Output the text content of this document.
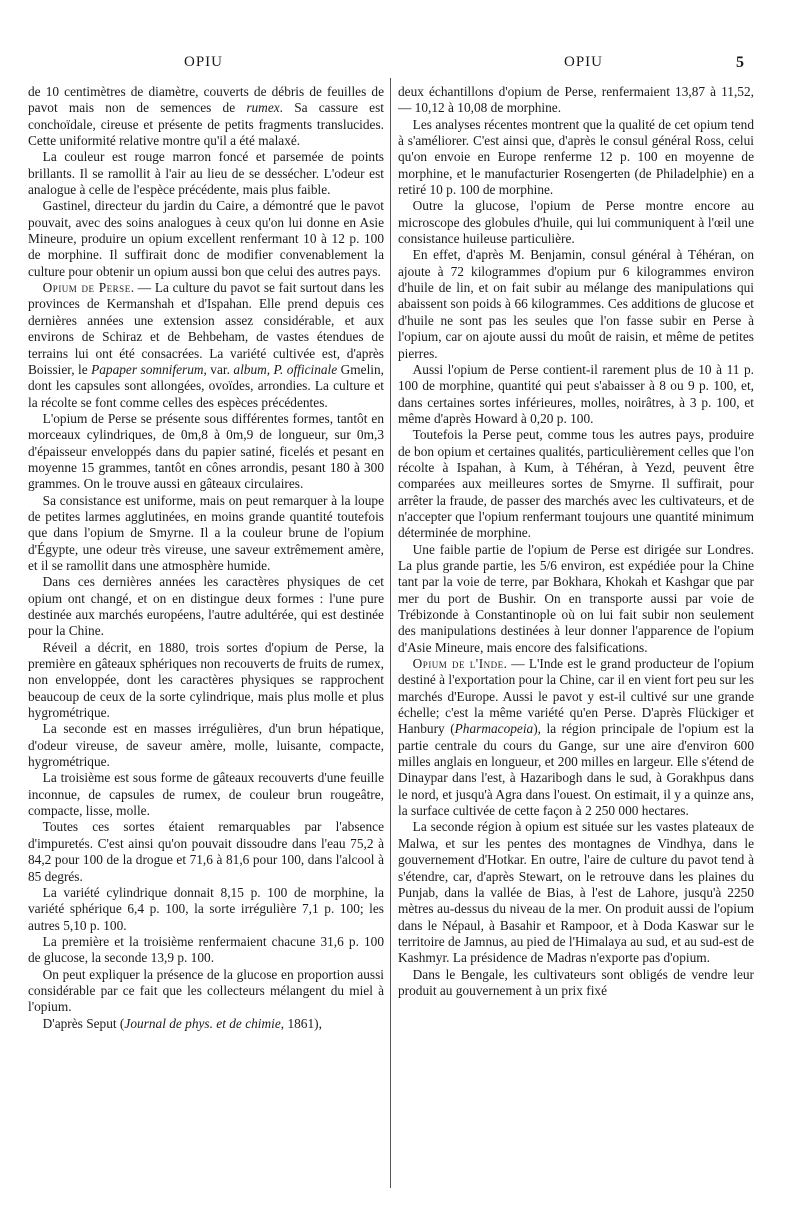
OPIU	OPIU	5

de 10 centimètres de diamètre, couverts de débris de feuilles de pavot mais non de semences de rumex. Sa cassure est conchoïdale, cireuse et présente de petits fragments translucides. Cette uniformité relative montre qu'il a été malaxé.

La couleur est rouge marron foncé et parsemée de points brillants. Il se ramollit à l'air au lieu de se dessécher. L'odeur est analogue à celle de l'espèce précédente, mais plus faible.

Gastinel, directeur du jardin du Caire, a démontré que le pavot pouvait, avec des soins analogues à ceux qu'on lui donne en Asie Mineure, produire un opium excellent renfermant 10 à 12 p. 100 de morphine. Il suffirait donc de modifier convenablement la culture pour obtenir un opium aussi bon que celui des autres pays.

Opium de Perse. — La culture du pavot se fait surtout dans les provinces de Kermanshah et d'Ispahan. Elle prend depuis ces dernières années une extension assez considérable, et aux environs de Schiraz et de Behbeham, de vastes étendues de terrains lui ont été consacrées. La variété cultivée est, d'après Boissier, le Papaper somniferum, var. album, P. officinale Gmelin, dont les capsules sont allongées, ovoïdes, arrondies. La culture et la récolte se font comme celles des espèces précédentes.

L'opium de Perse se présente sous différentes formes, tantôt en morceaux cylindriques, de 0m,8 à 0m,9 de longueur, sur 0m,3 d'épaisseur enveloppés dans du papier satiné, ficelés et pesant en moyenne 15 grammes, tantôt en cônes arrondis, pesant 180 à 300 grammes. On le trouve aussi en gâteaux circulaires.

Sa consistance est uniforme, mais on peut remarquer à la loupe de petites larmes agglutinées, en moins grande quantité toutefois que dans l'opium de Smyrne. Il a la couleur brune de l'opium d'Égypte, une odeur très vireuse, une saveur extrêmement amère, et il se ramollit dans une atmosphère humide.

Dans ces dernières années les caractères physiques de cet opium ont changé, et on en distingue deux formes : l'une pure destinée aux marchés européens, l'autre adultérée, qui est destinée pour la Chine.

Réveil a décrit, en 1880, trois sortes d'opium de Perse, la première en gâteaux sphériques non recouverts de fruits de rumex, non enveloppée, dont les caractères physiques se rapprochent beaucoup de ceux de la sorte cylindrique, mais plus molle et plus hygrométrique.

La seconde est en masses irrégulières, d'un brun hépatique, d'odeur vireuse, de saveur amère, molle, luisante, compacte, hygrométrique.

La troisième est sous forme de gâteaux recouverts d'une feuille inconnue, de capsules de rumex, de couleur brun rougeâtre, compacte, lisse, molle.

Toutes ces sortes étaient remarquables par l'absence d'impuretés. C'est ainsi qu'on pouvait dissoudre dans l'eau 75,2 à 84,2 pour 100 de la drogue et 71,6 à 81,6 pour 100, dans l'alcool à 85 degrés.

La variété cylindrique donnait 8,15 p. 100 de morphine, la variété sphérique 6,4 p. 100, la sorte irrégulière 7,1 p. 100; les autres 5,10 p. 100.

La première et la troisième renfermaient chacune 31,6 p. 100 de glucose, la seconde 13,9 p. 100.

On peut expliquer la présence de la glucose en proportion aussi considérable par ce fait que les collecteurs mélangent du miel à l'opium.

D'après Seput (Journal de phys. et de chimie, 1861),

deux échantillons d'opium de Perse, renfermaient 13,87 à 11,52, — 10,12 à 10,08 de morphine.

Les analyses récentes montrent que la qualité de cet opium tend à s'améliorer. C'est ainsi que, d'après le consul général Ross, celui qu'on envoie en Europe renferme 12 p. 100 en moyenne de morphine, et le manufacturier Rosengerten (de Philadelphie) en a retiré 10 p. 100 de morphine.

Outre la glucose, l'opium de Perse montre encore au microscope des globules d'huile, qui lui communiquent à l'œil une consistance huileuse particulière.

En effet, d'après M. Benjamin, consul général à Téhéran, on ajoute à 72 kilogrammes d'opium pur 6 kilogrammes environ d'huile de lin, et on fait subir au mélange des manipulations qui abaissent son poids à 66 kilogrammes. Ces additions de glucose et d'huile ne sont pas les seules que l'on fasse subir en Perse à l'opium, car on ajoute aussi du moût de raisin, et même de petites pierres.

Aussi l'opium de Perse contient-il rarement plus de 10 à 11 p. 100 de morphine, quantité qui peut s'abaisser à 8 ou 9 p. 100, et, dans certaines sortes inférieures, molles, noirâtres, à 3 p. 100, et même d'après Howard à 0,20 p. 100.

Toutefois la Perse peut, comme tous les autres pays, produire de bon opium et certaines qualités, particulièrement celles que l'on récolte à Ispahan, à Kum, à Téhéran, à Yezd, peuvent être comparées aux meilleures sortes de Smyrne. Il suffirait, pour arrêter la fraude, de passer des marchés avec les cultivateurs, et de n'accepter que l'opium renfermant toujours une quantité minimum déterminée de morphine.

Une faible partie de l'opium de Perse est dirigée sur Londres. La plus grande partie, les 5/6 environ, est expédiée pour la Chine tant par la voie de terre, par Bokhara, Khokah et Kashgar que par mer du port de Bushir. On en transporte aussi par voie de Trébizonde à Constantinople où on lui fait subir non seulement des manipulations destinées à leur donner l'apparence de l'opium d'Asie Mineure, mais encore des falsifications.

Opium de l'Inde. — L'Inde est le grand producteur de l'opium destiné à l'exportation pour la Chine, car il en vient fort peu sur les marchés d'Europe. Aussi le pavot y est-il cultivé sur une grande échelle; c'est la même variété qu'en Perse. D'après Flückiger et Hanbury (Pharmacopeia), la région principale de l'opium est la partie centrale du cours du Gange, sur une aire d'environ 600 milles anglais en longueur, et 200 milles en largeur. Elle s'étend de Dinaypar dans l'est, à Hazaribogh dans le sud, à Gorakhpus dans le nord, et jusqu'à Agra dans l'ouest. On estimait, il y a quinze ans, la surface cultivée de cette façon à 2 250 000 hectares.

La seconde région à opium est située sur les vastes plateaux de Malwa, et sur les pentes des montagnes de Vindhya, dans le gouvernement d'Hotkar. En outre, l'aire de culture du pavot tend à s'étendre, car, d'après Stewart, on le retrouve dans les plaines du Punjab, dans la vallée de Bias, à l'est de Lahore, jusqu'à 2250 mètres au-dessus du niveau de la mer. On produit aussi de l'opium dans le Népaul, à Basahir et Rampoor, et à Doda Kaswar sur le territoire de Jamnus, au pied de l'Himalaya au sud, et au sud-est de Kashmyr. La présidence de Madras n'exporte pas d'opium.

Dans le Bengale, les cultivateurs sont obligés de vendre leur produit au gouvernement à un prix fixé
